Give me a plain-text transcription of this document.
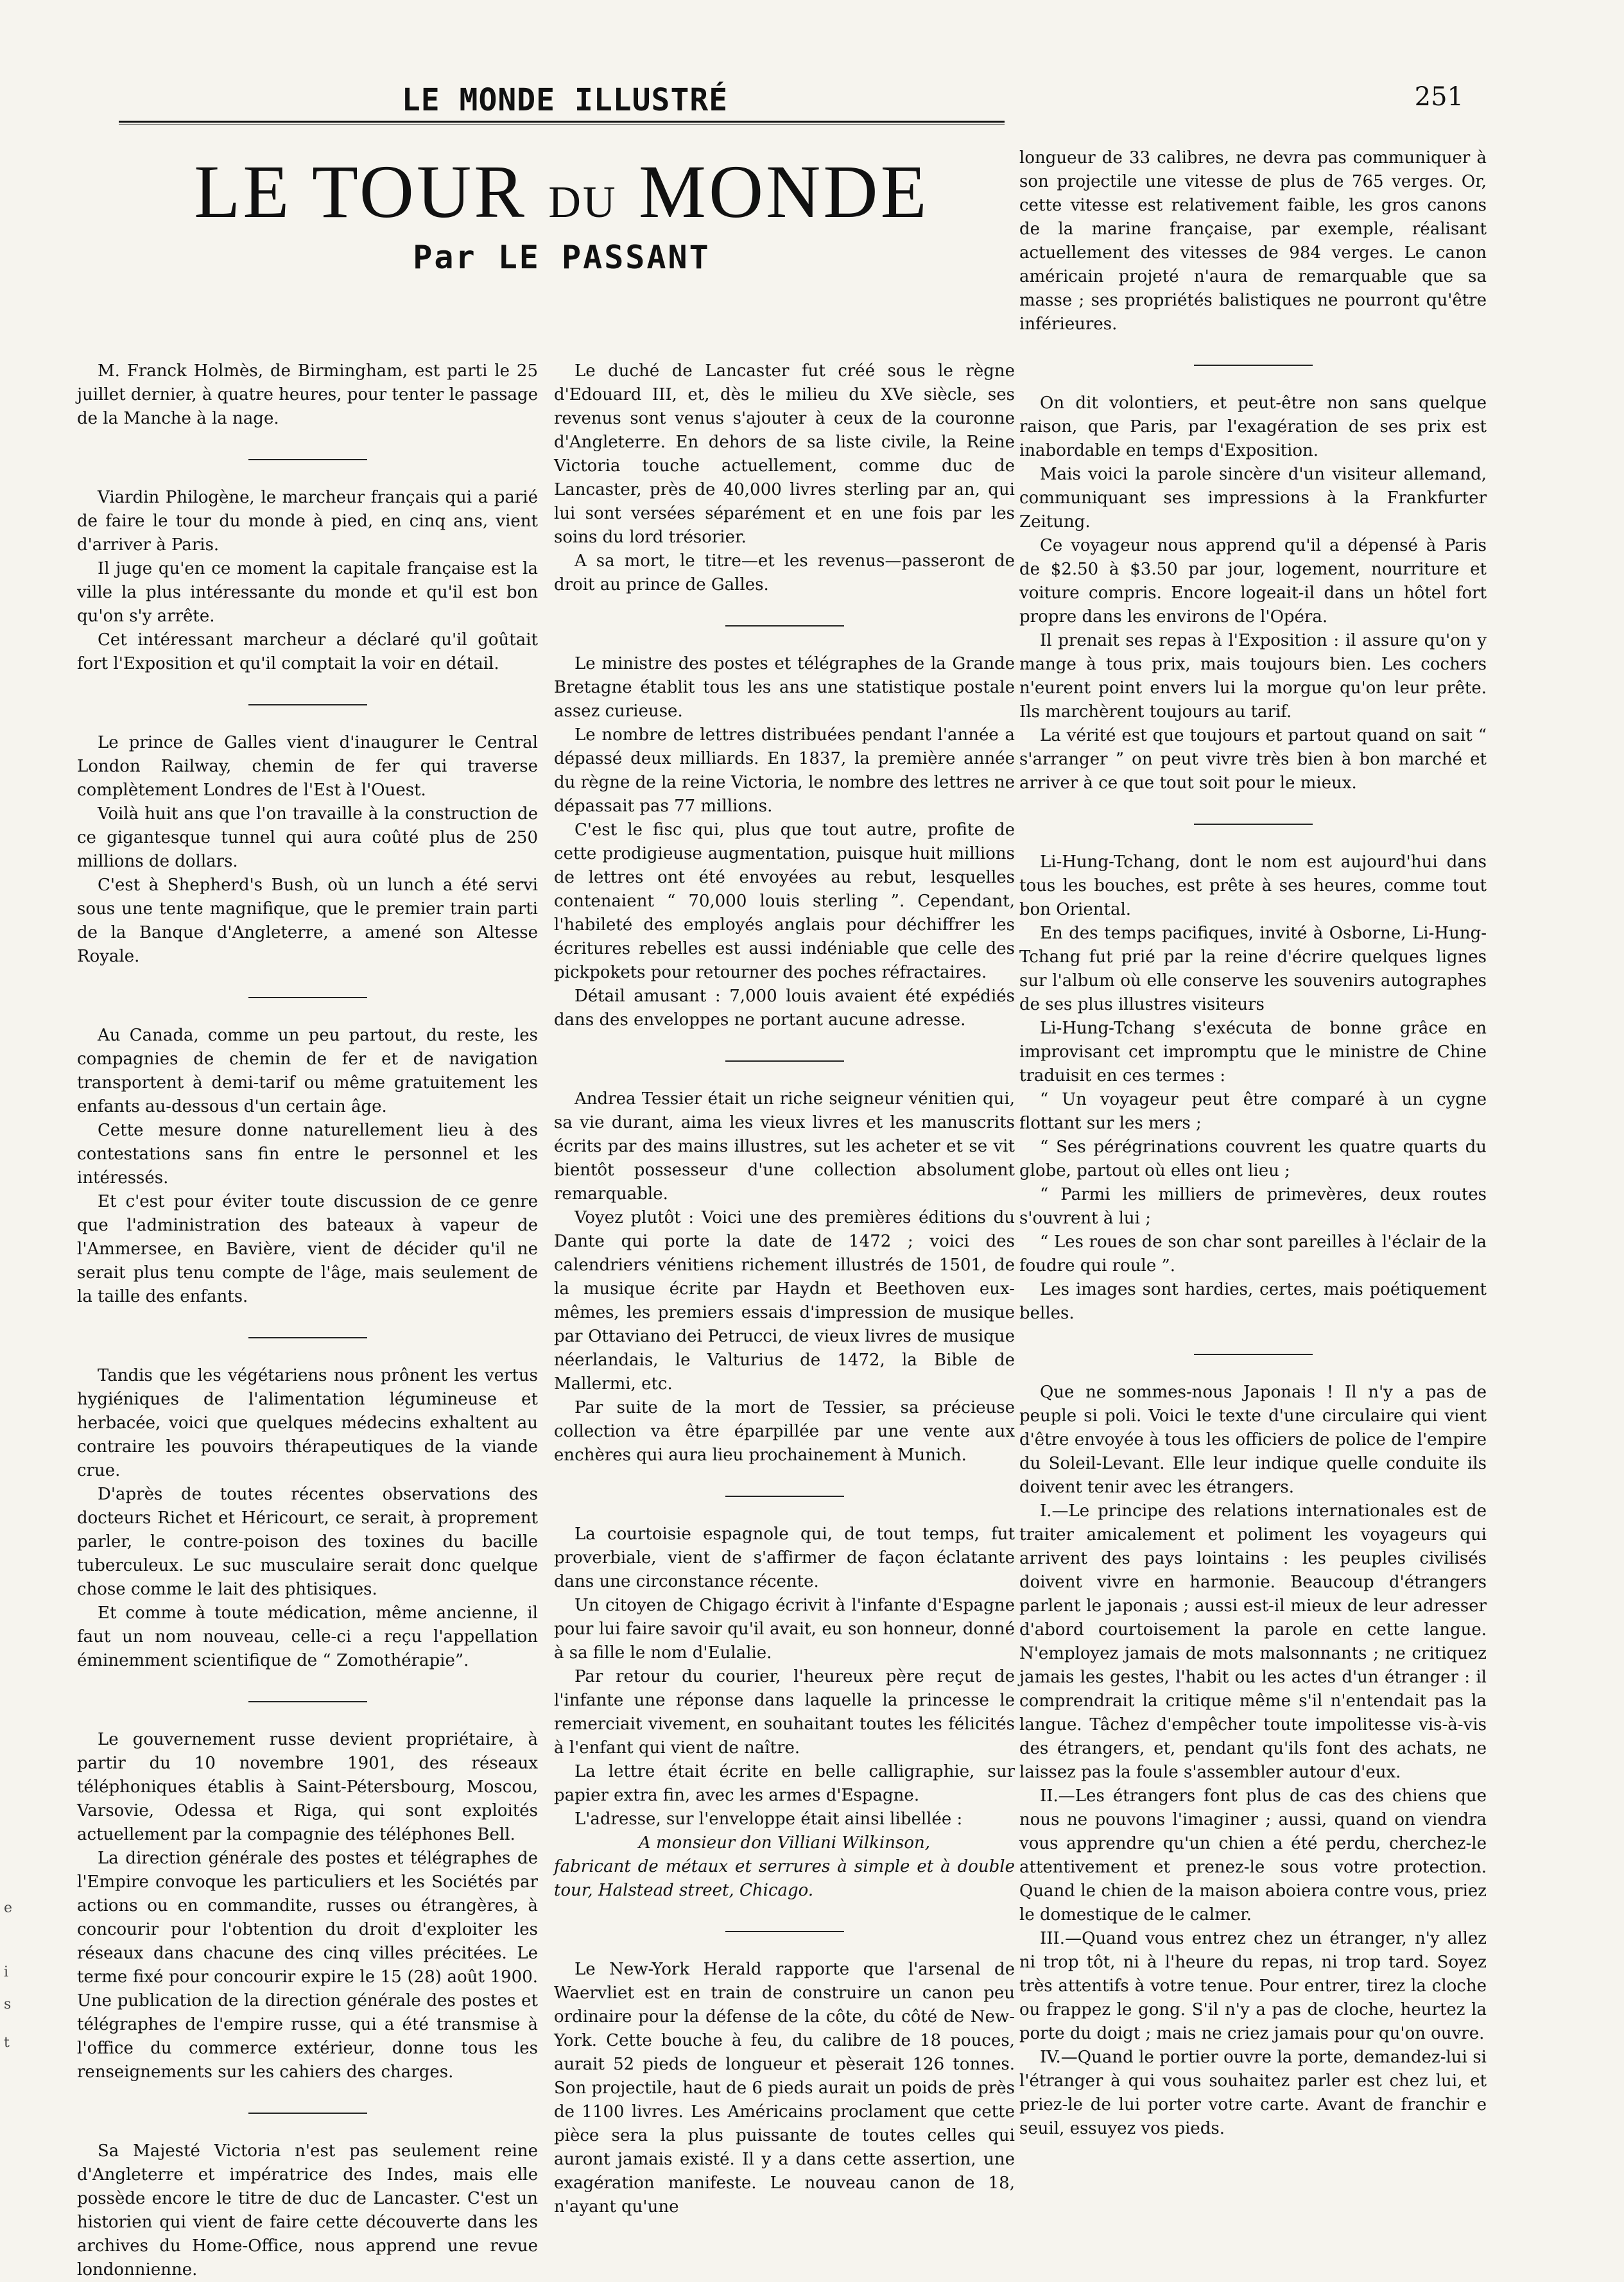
e
i
s
t
LE MONDE ILLUSTRÉ	251
LE TOUR DU MONDE
Par LE PASSANT

M. Franck Holmès, de Birmingham, est parti le 25 juillet dernier, à quatre heures, pour tenter le passage de la Manche à la nage.

Viardin Philogène, le marcheur français qui a parié de faire le tour du monde à pied, en cinq ans, vient d'arriver à Paris.

Il juge qu'en ce moment la capitale française est la ville la plus intéressante du monde et qu'il est bon qu'on s'y arrête.

Cet intéressant marcheur a déclaré qu'il goûtait fort l'Exposition et qu'il comptait la voir en détail.

Le prince de Galles vient d'inaugurer le Central London Railway, chemin de fer qui traverse complètement Londres de l'Est à l'Ouest.

Voilà huit ans que l'on travaille à la construction de ce gigantesque tunnel qui aura coûté plus de 250 millions de dollars.

C'est à Shepherd's Bush, où un lunch a été servi sous une tente magnifique, que le premier train parti de la Banque d'Angleterre, a amené son Altesse Royale.

Au Canada, comme un peu partout, du reste, les compagnies de chemin de fer et de navigation transportent à demi-tarif ou même gratuitement les enfants au-dessous d'un certain âge.

Cette mesure donne naturellement lieu à des contestations sans fin entre le personnel et les intéressés.

Et c'est pour éviter toute discussion de ce genre que l'administration des bateaux à vapeur de l'Ammersee, en Bavière, vient de décider qu'il ne serait plus tenu compte de l'âge, mais seulement de la taille des enfants.

Tandis que les végétariens nous prônent les vertus hygiéniques de l'alimentation légumineuse et herbacée, voici que quelques médecins exhaltent au contraire les pouvoirs thérapeutiques de la viande crue.

D'après de toutes récentes observations des docteurs Richet et Héricourt, ce serait, à proprement parler, le contre-poison des toxines du bacille tuberculeux. Le suc musculaire serait donc quelque chose comme le lait des phtisiques.

Et comme à toute médication, même ancienne, il faut un nom nouveau, celle-ci a reçu l'appellation éminemment scientifique de “ Zomothérapie”.

Le gouvernement russe devient propriétaire, à partir du 10 novembre 1901, des réseaux téléphoniques établis à Saint-Pétersbourg, Moscou, Varsovie, Odessa et Riga, qui sont exploités actuellement par la compagnie des téléphones Bell.

La direction générale des postes et télégraphes de l'Empire convoque les particuliers et les Sociétés par actions ou en commandite, russes ou étrangères, à concourir pour l'obtention du droit d'exploiter les réseaux dans chacune des cinq villes précitées. Le terme fixé pour concourir expire le 15 (28) août 1900. Une publication de la direction générale des postes et télégraphes de l'empire russe, qui a été transmise à l'office du commerce extérieur, donne tous les renseignements sur les cahiers des charges.

Sa Majesté Victoria n'est pas seulement reine d'Angleterre et impératrice des Indes, mais elle possède encore le titre de duc de Lancaster. C'est un historien qui vient de faire cette découverte dans les archives du Home-Office, nous apprend une revue londonnienne.

Le duché de Lancaster fut créé sous le règne d'Edouard III, et, dès le milieu du XVe siècle, ses revenus sont venus s'ajouter à ceux de la couronne d'Angleterre. En dehors de sa liste civile, la Reine Victoria touche actuellement, comme duc de Lancaster, près de 40,000 livres sterling par an, qui lui sont versées séparément et en une fois par les soins du lord trésorier.

A sa mort, le titre—et les revenus—passeront de droit au prince de Galles.

Le ministre des postes et télégraphes de la Grande Bretagne établit tous les ans une statistique postale assez curieuse.

Le nombre de lettres distribuées pendant l'année a dépassé deux milliards. En 1837, la première année du règne de la reine Victoria, le nombre des lettres ne dépassait pas 77 millions.

C'est le fisc qui, plus que tout autre, profite de cette prodigieuse augmentation, puisque huit millions de lettres ont été envoyées au rebut, lesquelles contenaient “ 70,000 louis sterling ”. Cependant, l'habileté des employés anglais pour déchiffrer les écritures rebelles est aussi indéniable que celle des pickpokets pour retourner des poches réfractaires.

Détail amusant : 7,000 louis avaient été expédiés dans des enveloppes ne portant aucune adresse.

Andrea Tessier était un riche seigneur vénitien qui, sa vie durant, aima les vieux livres et les manuscrits écrits par des mains illustres, sut les acheter et se vit bientôt possesseur d'une collection absolument remarquable.

Voyez plutôt : Voici une des premières éditions du Dante qui porte la date de 1472 ; voici des calendriers vénitiens richement illustrés de 1501, de la musique écrite par Haydn et Beethoven eux-mêmes, les premiers essais d'impression de musique par Ottaviano dei Petrucci, de vieux livres de musique néerlandais, le Valturius de 1472, la Bible de Mallermi, etc.

Par suite de la mort de Tessier, sa précieuse collection va être éparpillée par une vente aux enchères qui aura lieu prochainement à Munich.

La courtoisie espagnole qui, de tout temps, fut proverbiale, vient de s'affirmer de façon éclatante dans une circonstance récente.

Un citoyen de Chigago écrivit à l'infante d'Espagne pour lui faire savoir qu'il avait, eu son honneur, donné à sa fille le nom d'Eulalie.

Par retour du courier, l'heureux père reçut de l'infante une réponse dans laquelle la princesse le remerciait vivement, en souhaitant toutes les félicités à l'enfant qui vient de naître.

La lettre était écrite en belle calligraphie, sur papier extra fin, avec les armes d'Espagne.

L'adresse, sur l'enveloppe était ainsi libellée :

A monsieur don Villiani Wilkinson,

fabricant de métaux et serrures à simple et à double tour, Halstead street, Chicago.

Le New-York Herald rapporte que l'arsenal de Waervliet est en train de construire un canon peu ordinaire pour la défense de la côte, du côté de New-York. Cette bouche à feu, du calibre de 18 pouces, aurait 52 pieds de longueur et pèserait 126 tonnes. Son projectile, haut de 6 pieds aurait un poids de près de 1100 livres. Les Américains proclament que cette pièce sera la plus puissante de toutes celles qui auront jamais existé. Il y a dans cette assertion, une exagération manifeste. Le nouveau canon de 18, n'ayant qu'une

longueur de 33 calibres, ne devra pas communiquer à son projectile une vitesse de plus de 765 verges. Or, cette vitesse est relativement faible, les gros canons de la marine française, par exemple, réalisant actuellement des vitesses de 984 verges. Le canon américain projeté n'aura de remarquable que sa masse ; ses propriétés balistiques ne pourront qu'être inférieures.

On dit volontiers, et peut-être non sans quelque raison, que Paris, par l'exagération de ses prix est inabordable en temps d'Exposition.

Mais voici la parole sincère d'un visiteur allemand, communiquant ses impressions à la Frankfurter Zeitung.

Ce voyageur nous apprend qu'il a dépensé à Paris de $2.50 à $3.50 par jour, logement, nourriture et voiture compris. Encore logeait-il dans un hôtel fort propre dans les environs de l'Opéra.

Il prenait ses repas à l'Exposition : il assure qu'on y mange à tous prix, mais toujours bien. Les cochers n'eurent point envers lui la morgue qu'on leur prête. Ils marchèrent toujours au tarif.

La vérité est que toujours et partout quand on sait “ s'arranger ” on peut vivre très bien à bon marché et arriver à ce que tout soit pour le mieux.

Li-Hung-Tchang, dont le nom est aujourd'hui dans tous les bouches, est prête à ses heures, comme tout bon Oriental.

En des temps pacifiques, invité à Osborne, Li-Hung-Tchang fut prié par la reine d'écrire quelques lignes sur l'album où elle conserve les souvenirs autographes de ses plus illustres visiteurs

Li-Hung-Tchang s'exécuta de bonne grâce en improvisant cet impromptu que le ministre de Chine traduisit en ces termes :

“ Un voyageur peut être comparé à un cygne flottant sur les mers ;

“ Ses pérégrinations couvrent les quatre quarts du globe, partout où elles ont lieu ;

“ Parmi les milliers de primevères, deux routes s'ouvrent à lui ;

“ Les roues de son char sont pareilles à l'éclair de la foudre qui roule ”.

Les images sont hardies, certes, mais poétiquement belles.

Que ne sommes-nous Japonais ! Il n'y a pas de peuple si poli. Voici le texte d'une circulaire qui vient d'être envoyée à tous les officiers de police de l'empire du Soleil-Levant. Elle leur indique quelle conduite ils doivent tenir avec les étrangers.

I.—Le principe des relations internationales est de traiter amicalement et poliment les voyageurs qui arrivent des pays lointains : les peuples civilisés doivent vivre en harmonie. Beaucoup d'étrangers parlent le japonais ; aussi est-il mieux de leur adresser d'abord courtoisement la parole en cette langue. N'employez jamais de mots malsonnants ; ne critiquez jamais les gestes, l'habit ou les actes d'un étranger : il comprendrait la critique même s'il n'entendait pas la langue. Tâchez d'empêcher toute impolitesse vis-à-vis des étrangers, et, pendant qu'ils font des achats, ne laissez pas la foule s'assembler autour d'eux.

II.—Les étrangers font plus de cas des chiens que nous ne pouvons l'imaginer ; aussi, quand on viendra vous apprendre qu'un chien a été perdu, cherchez-le attentivement et prenez-le sous votre protection. Quand le chien de la maison aboiera contre vous, priez le domestique de le calmer.

III.—Quand vous entrez chez un étranger, n'y allez ni trop tôt, ni à l'heure du repas, ni trop tard. Soyez très attentifs à votre tenue. Pour entrer, tirez la cloche ou frappez le gong. S'il n'y a pas de cloche, heurtez la porte du doigt ; mais ne criez jamais pour qu'on ouvre.

IV.—Quand le portier ouvre la porte, demandez-lui si l'étranger à qui vous souhaitez parler est chez lui, et priez-le de lui porter votre carte. Avant de franchir e seuil, essuyez vos pieds.
